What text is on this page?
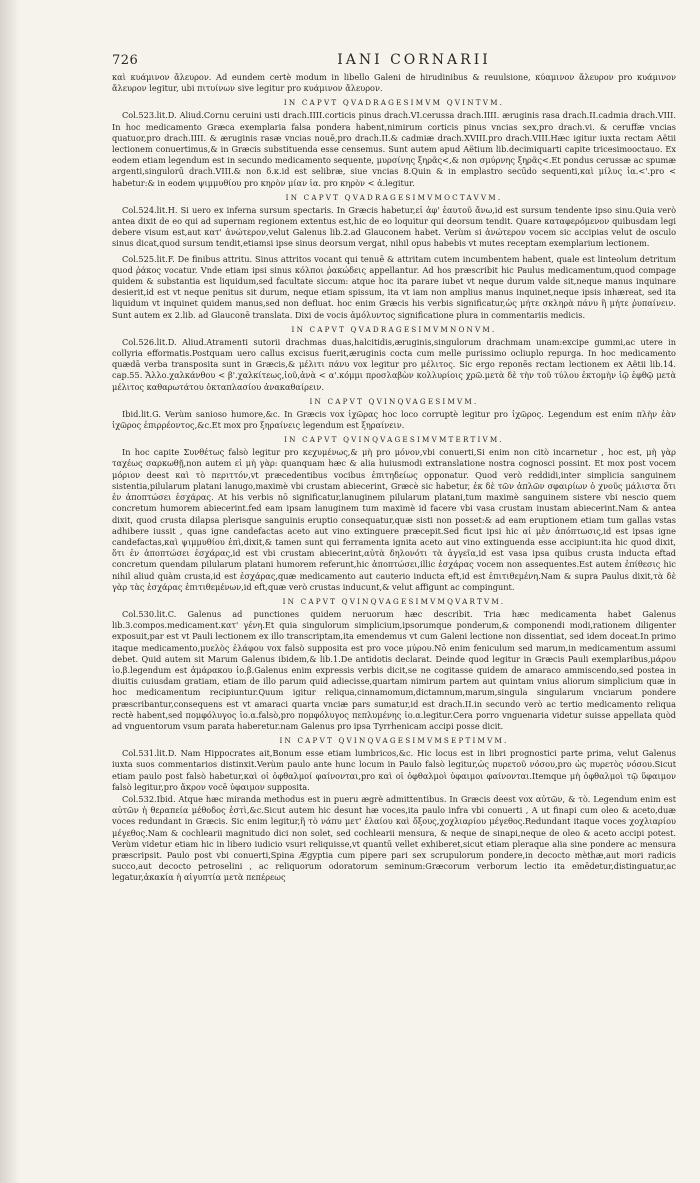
726	IANI CORNARII

καὶ κυάμινον ἄλευρον. Ad eundem certè modum in libello Galeni de hirudinibus & reuulsione, κύαμινον ἄλευρον pro κυάμινον ἄλευρον legitur, ubi πιτυίνων sive legitur pro κυάμινον ἄλευρον.

IN CAPVT QVADRAGESIMVM QVINTVM.

Col.523.lit.D. Aliud.Cornu ceruini usti drach.IIII.corticis pinus drach.VI.cerussa drach.IIII. æruginis rasa drach.II.cadmia drach.VIII. In hoc medicamento Græca exemplaria falsa pondera habent,nimirum corticis pinus vncias sex,pro drach.vi. & ceruffæ vncias quatuor,pro drach.IIII. & æruginis rasæ vncias nouē,pro drach.II.& cadmiæ drach.XVIII.pro drach.VIII.Hæc igitur iuxta rectam Aëtii lectionem conuertimus,& in Græcis substituenda esse censemus. Sunt autem apud Aëtium lib.decimiquarti capite tricesimooctauo. Ex eodem etiam legendum est in secundo medicamento sequente, μυρσίνης ξηρᾶς<,& non σμύρνης ξηρᾶς<.Et pondus cerussæ ac spumæ argenti,singulorū drach.VIII.& non δ.κ.id est selibræ, siue vncias 8.Quin & in emplastro secūdo sequenti,καὶ μίλυς ἰα.<'.pro < habetur:& in eodem ψιμμυθίου pro κηρὸν μίαν ἰα. pro κηρὸν < ἀ.legitur.

IN CAPVT QVADRAGESIMVMOCTAVVM.

Col.524.lit.H. Si uero ex inferna sursum spectaris. In Græcis habetur,εἰ ἀφ' ἑαυτοῦ ἄνω,id est sursum tendente ipso sinu.Quia verò antea dixit de eo qui ad supernam regionem extentus est,hic de eo loquitur qui deorsum tendit. Quare καταφερόμενον quibusdam legi debere visum est,aut κατ' ἀνώτερον,velut Galenus lib.2.ad Glauconem habet. Verùm si ἀνώτερον vocem sic accipias velut de osculo sinus dicat,quod sursum tendit,etiamsi ipse sinus deorsum vergat, nihil opus habebis vt mutes receptam exemplarium lectionem.

Col.525.lit.F. De finibus attritu. Sinus attritos vocant qui tenuē & attritam cutem incumbentem habent, quale est linteolum detritum quod ῥάκος vocatur. Vnde etiam ipsi sinus κόλποι ῥακώδεις appellantur. Ad hos præscribit hic Paulus medicamentum,quod compage quidem & substantia est liquidum,sed facultate siccum: atque hoc ita parare iubet vt neque durum valde sit,neque manus inquinare desierit,id est vt neque penitus sit durum, neque etiam spissum, ita vt iam non amplius manus inquinet,neque ipsis inhæreat, sed ita liquidum vt inquinet quidem manus,sed non defluat. hoc enim Græcis his verbis significatur,ὡς μήτε σκληρὰ πάνυ ἢ μήτε ῥυπαίνειν. Sunt autem ex 2.lib. ad Glauconē translata. Dixi de vocis ἀμόλυντος significatione plura in commentariis medicis.

IN CAPVT QVADRAGESIMVMNONVM.

Col.526.lit.D. Aliud.Atramenti sutorii drachmas duas,halcitidis,æruginis,singulorum drachmam unam:excipe gummi,ac utere in collyria efformatis.Postquam uero callus excisus fuerit,æruginis cocta cum melle purissimo ocliuplo repurga. In hoc medicamento quædā verba transposita sunt in Græcis,& μέλιτι πάνυ vox legitur pro μέλιτος. Sic ergo reponēs rectam lectionem ex Aëtii lib.14. cap.55. Ἄλλο.χαλκάνθου < β'.χαλκίτεως,ἰοῦ,ἀνὰ < α'.κόμμι προσλαβὼν κολλυρίοις χρῶ.μετὰ δὲ τὴν τοῦ τύλου ἐκτομὴν ἰῷ ἑφθῷ μετὰ μέλιτος καθαρωτάτου ὀκταπλασίου ἀνακαθαίρειν.

IN CAPVT QVINQVAGESIMVM.

Ibid.lit.G. Verùm sanioso humore,&c. In Græcis vox ἰχῶρας hoc loco corruptè legitur pro ἰχῶρος. Legendum est enim πλὴν ἐὰν ἰχῶρος ἐπιρρέοντος,&c.Et mox pro ξηραίνεις legendum est ξηραίνειν.

IN CAPVT QVINQVAGESIMVMTERTIVM.

In hoc capite Συνθέτως falsò legitur pro κεχυμένως,& μὴ pro μόνον,vbi conuerti,Si enim non citò incarnetur , hoc est, μὴ γὰρ ταχέως σαρκωθῇ,non autem εἰ μὴ γὰρ: quanquam hæc & alia huiusmodi extranslatione nostra cognosci possint. Et mox post vocem μόριον deest καὶ τὸ περιττόν,vt præcedentibus vocibus ἐπιτηδείως opponatur. Quod verò reddidi,inter simplicia sanguinem sistentia,pilularum platani lanugo,maximè vbi crustam abiecerint, Græcè sic habetur, ἐκ δὲ τῶν ἁπλῶν σφαιρίων ὁ χνοῦς μάλιστα ὅτι ἐν ἀποπτώσει ἐσχάρας. At his verbis nō significatur,lanuginem pilularum platani,tum maximè sanguinem sistere vbi nescio quem concretum humorem abiecerint.fed eam ipsam lanuginem tum maximè id facere vbi vasa crustam inustam abiecerint.Nam & antea dixit, quod crusta dilapsa plerisque sanguinis eruptio consequatur,quæ sisti non posset:& ad eam eruptionem etiam tum gallas vstas adhibere iussit , quas igne candefactas aceto aut vino extinguere præcepit.Sed ficut ipsi hic αἱ μὲν ἀπόπτωσις,id est ipsas igne candefactas,καὶ ψιμμυθίου ἐπὶ,dixit,& tamen sunt qui ferramenta ignita aceto aut vino extinguenda esse accipiunt:ita hic quod dixit, ὅτι ἐν ἀποπτώσει ἐσχάρας,id est vbi crustam abiecerint,αὐτὰ δηλονότι τὰ ἀγγεῖα,id est vasa ipsa quibus crusta inducta eftad concretum quendam pilularum platani humorem referunt,hic ἀποπτώσει,illic ἐσχάρας vocem non assequentes.Est autem ἐπίθεσις hic nihil aliud quàm crusta,id est ἐσχάρας,quæ medicamento aut cauterio inducta eft,id est ἐπιτιθεμένη.Nam & supra Paulus dixit,τὰ δὲ γὰρ τὰς ἐσχάρας ἐπιτιθεμένων,id eft,quæ verò crustas inducunt,& velut affigunt ac compingunt.

IN CAPVT QVINQVAGESIMVMQVARTVM.

Col.530.lit.C. Galenus ad punctiones quidem neruorum hæc describit. Tria hæc medicamenta habet Galenus lib.3.compos.medicament.κατ' γένη.Et quia singulorum simplicium,ipsorumque ponderum,& componendi modi,rationem diligenter exposuit,par est vt Pauli lectionem ex illo transcriptam,ita emendemus vt cum Galeni lectione non dissentiat, sed idem doceat.In primo itaque medicamento,μυελὸς ἐλάφου vox falsò supposita est pro voce μύρου.Nō enim feniculum sed marum,in medicamentum assumi debet. Quid autem sit Marum Galenus ibidem,& lib.1.De antidotis declarat. Deinde quod legitur in Græcis Pauli exemplaribus,μάρου ἰο.β.legendum est ἀμάρακου ἰο.β.Galenus enim expressis verbis dicit,se ne cogitasse quidem de amaraco ammiscendo,sed postea in diuitis cuiusdam gratiam, etiam de illo parum quid adiecisse,quartam nimirum partem aut quintam vnius aliorum simplicium quæ in hoc medicamentum recipiuntur.Quum igitur reliqua,cinnamomum,dictamnum,marum,singula singularum vnciarum pondere præscribantur,consequens est vt amaraci quarta vnciæ pars sumatur,id est drach.II.in secundo verò ac tertio medicamento reliqua rectè habent,sed πομφόλυγος ἰο.α.falsò,pro πομφόλυγος πεπλυμένης ἰο.α.legitur.Cera porro vnguenaria videtur suisse appellata quòd ad vnguentorum vsum parata haberetur.nam Galenus pro ipsa Tyrrhenicam accipi posse dicit.

IN CAPVT QVINQVAGESIMVMSEPTIMVM.

Col.531.lit.D. Nam Hippocrates ait,Bonum esse etiam lumbricos,&c. Hic locus est in libri prognostici parte prima, velut Galenus iuxta suos commentarios distinxit.Verùm paulo ante hunc locum in Paulo falsò legitur,ὡς πυρετοῦ νόσου,pro ὡς πυρετὸς νόσου.Sicut etiam paulo post falsò habetur,καὶ οἱ ὀφθαλμοί φαίνονται,pro καὶ οἱ ὀφθαλμοὶ ὑφαιμοι φαίνονται.Itemque μὴ ὀφθαλμοὶ τῷ ὕφαιμον falsò legitur,pro ἄκρον vocē ὑφαιμον supposita.

Col.532.Ibid. Atque hæc miranda methodus est in pueru ægrè admittentibus. In Græcis deest vox αὐτῶν, & τὸ. Legendum enim est αὐτῶν ἡ θεραπεία μέθοδος ἐστὶ,&c.Sicut autem hic desunt hæ voces,ita paulo infra vbi conuerti , A ut finapi cum oleo & aceto,duæ voces redundant in Græcis. Sic enim legitur,ἢ τὸ νάπυ μετ' ἐλαίου καὶ ὄξους,χοχλιαρίου μέγεθος.Redundant itaque voces χοχλιαρίου μέγεθος.Nam & cochlearii magnitudo dici non solet, sed cochlearii mensura, & neque de sinapi,neque de oleo & aceto accipi potest. Verùm videtur etiam hic in libero iudicio vsuri reliquisse,vt quantū vellet exhiberet,sicut etiam pleraque alia sine pondere ac mensura præscripsit. Paulo post vbi conuerti,Spina Ægyptia cum pipere pari sex scrupulorum pondere,in decocto mèthæ,aut mori radicis succo,aut decocto petroselini , ac reliquorum odoratorum seminum:Græcorum verborum lectio ita emēdetur,distinguatur,ac legatur,ἀκακία ἡ αἰγυπτία μετὰ πεπέρεως
